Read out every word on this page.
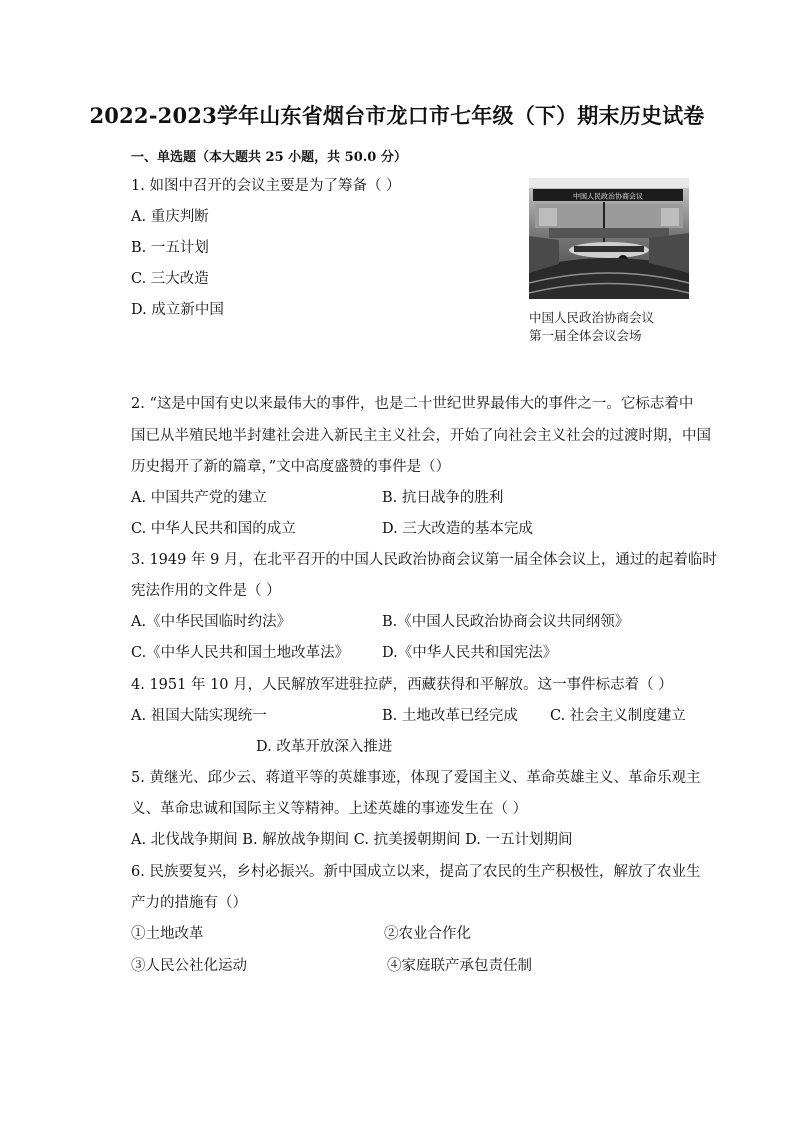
2022-2023学年山东省烟台市龙口市七年级（下）期末历史试卷
一、单选题（本大题共 25 小题，共 50.0 分）
1. 如图中召开的会议主要是为了筹备（ ）
A. 重庆判断
B. 一五计划
C. 三大改造
D. 成立新中国
中国人民政治协商会议
中国人民政治协商会议
第一届全体会议会场
2. “这是中国有史以来最伟大的事件，也是二十世纪世界最伟大的事件之一。它标志着中
国已从半殖民地半封建社会进入新民主主义社会，开始了向社会主义社会的过渡时期，中国
历史揭开了新的篇章，”文中高度盛赞的事件是（）
A. 中国共产党的建立	B. 抗日战争的胜利
C. 中华人民共和国的成立	D. 三大改造的基本完成
3. 1949 年 9 月，在北平召开的中国人民政治协商会议第一届全体会议上，通过的起着临时
宪法作用的文件是（ ）
A.《中华民国临时约法》	B.《中国人民政治协商会议共同纲领》
C.《中华人民共和国土地改革法》 D.《中华人民共和国宪法》
4. 1951 年 10 月，人民解放军进驻拉萨，西藏获得和平解放。这一事件标志着（ ）
A. 祖国大陆实现统一	B. 土地改革已经完成 C. 社会主义制度建立
D. 改革开放深入推进
5. 黄继光、邱少云、蒋道平等的英雄事迹，体现了爱国主义、革命英雄主义、革命乐观主
义、革命忠诚和国际主义等精神。上述英雄的事迹发生在（ ）
A. 北伐战争期间 B. 解放战争期间 C. 抗美援朝期间 D. 一五计划期间
6. 民族要复兴，乡村必振兴。新中国成立以来，提高了农民的生产积极性，解放了农业生
产力的措施有（）
①土地改革	②农业合作化
③人民公社化运动	④家庭联产承包责任制
